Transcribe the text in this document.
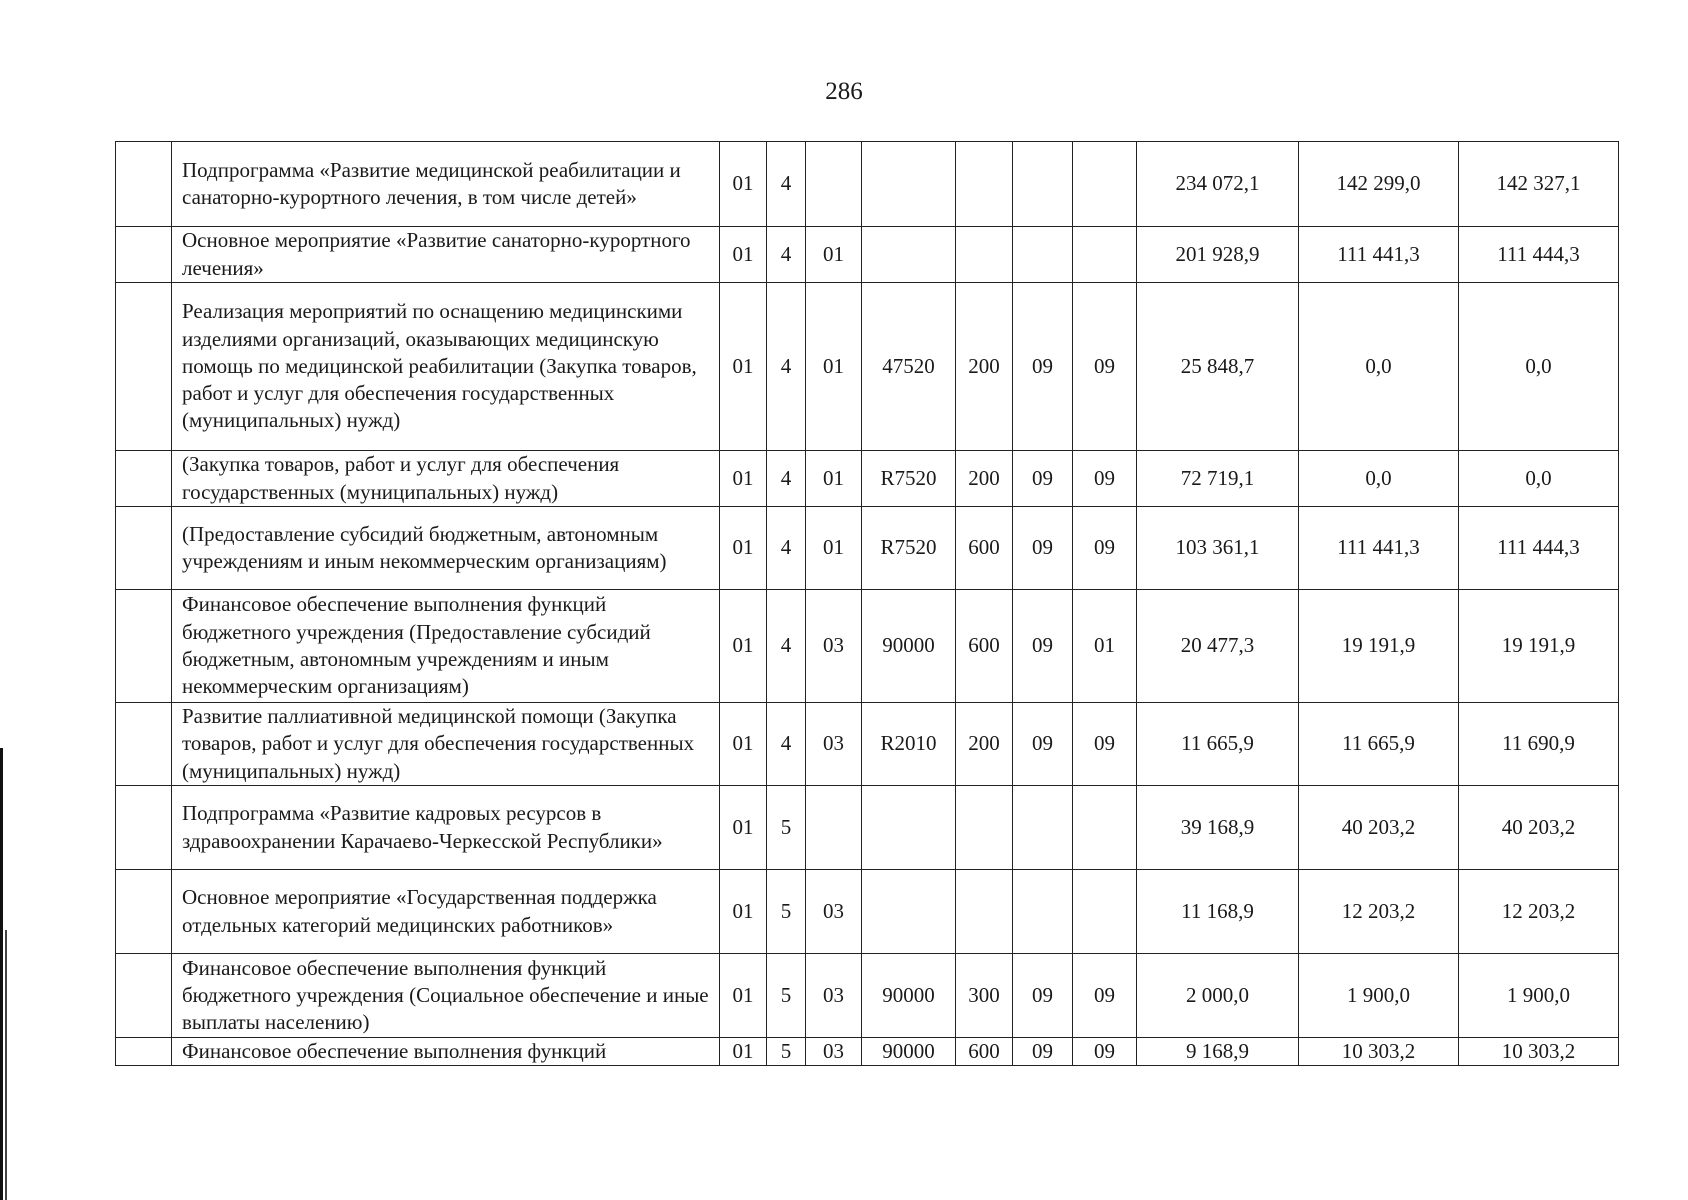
286
	Подпрограмма «Развитие медицинской реабилитации и санаторно-курортного лечения, в том числе детей»	01	4						234 072,1	142 299,0	142 327,1
	Основное мероприятие «Развитие санаторно-курортного лечения»	01	4	01					201 928,9	111 441,3	111 444,3
	Реализация мероприятий по оснащению медицинскими изделиями организаций, оказывающих медицинскую помощь по медицинской реабилитации (Закупка товаров, работ и услуг для обеспечения государственных (муниципальных) нужд)	01	4	01	47520	200	09	09	25 848,7	0,0	0,0
	(Закупка товаров, работ и услуг для обеспечения государственных (муниципальных) нужд)	01	4	01	R7520	200	09	09	72 719,1	0,0	0,0
	(Предоставление субсидий бюджетным, автономным учреждениям и иным некоммерческим организациям)	01	4	01	R7520	600	09	09	103 361,1	111 441,3	111 444,3
	Финансовое обеспечение выполнения функций бюджетного учреждения (Предоставление субсидий бюджетным, автономным учреждениям и иным некоммерческим организациям)	01	4	03	90000	600	09	01	20 477,3	19 191,9	19 191,9
	Развитие паллиативной медицинской помощи (Закупка товаров, работ и услуг для обеспечения государственных (муниципальных) нужд)	01	4	03	R2010	200	09	09	11 665,9	11 665,9	11 690,9
	Подпрограмма «Развитие кадровых ресурсов в здравоохранении Карачаево-Черкесской Республики»	01	5						39 168,9	40 203,2	40 203,2
	Основное мероприятие «Государственная поддержка отдельных категорий медицинских работников»	01	5	03					11 168,9	12 203,2	12 203,2
	Финансовое обеспечение выполнения функций бюджетного учреждения (Социальное обеспечение и иные выплаты населению)	01	5	03	90000	300	09	09	2 000,0	1 900,0	1 900,0
	Финансовое обеспечение выполнения функций	01	5	03	90000	600	09	09	9 168,9	10 303,2	10 303,2
